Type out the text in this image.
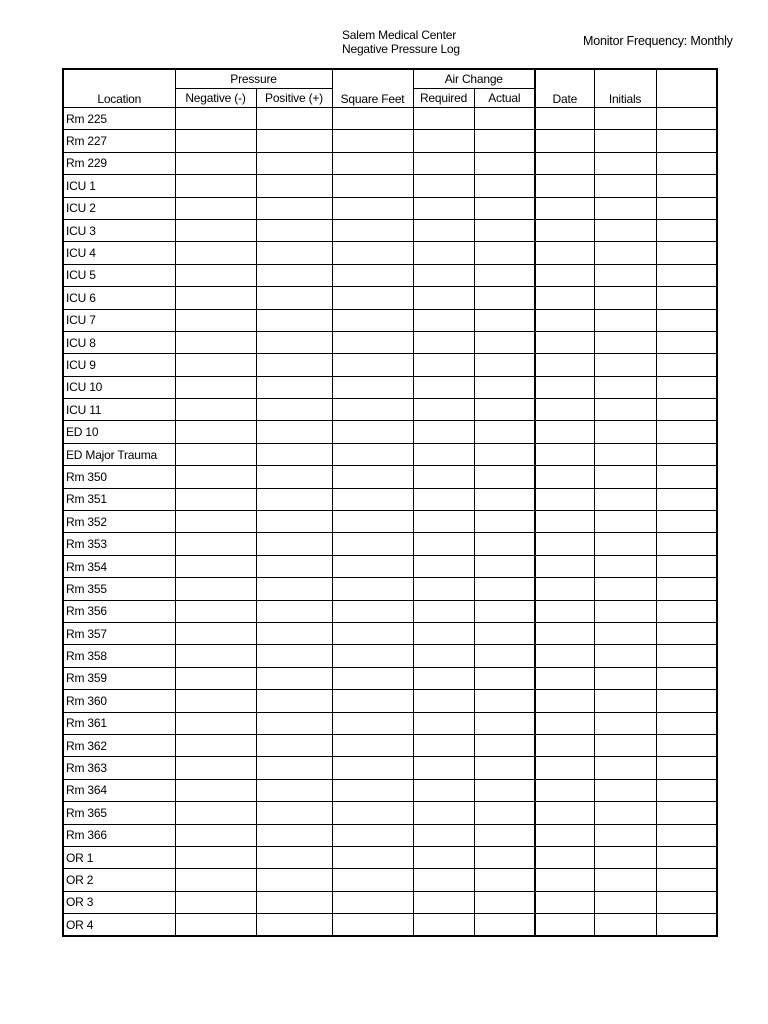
Salem Medical Center
Negative Pressure Log
Monitor Frequency: Monthly
Location	Pressure		Square Feet	Air Change		Date	Initials	
	Negative (-)	Positive (+)		Required	Actual			
Rm 225								
Rm 227								
Rm 229								
ICU 1								
ICU 2								
ICU 3								
ICU 4								
ICU 5								
ICU 6								
ICU 7								
ICU 8								
ICU 9								
ICU 10								
ICU 11								
ED 10								
ED Major Trauma								
Rm 350								
Rm 351								
Rm 352								
Rm 353								
Rm 354								
Rm 355								
Rm 356								
Rm 357								
Rm 358								
Rm 359								
Rm 360								
Rm 361								
Rm 362								
Rm 363								
Rm 364								
Rm 365								
Rm 366								
OR 1								
OR 2								
OR 3								
OR 4								
